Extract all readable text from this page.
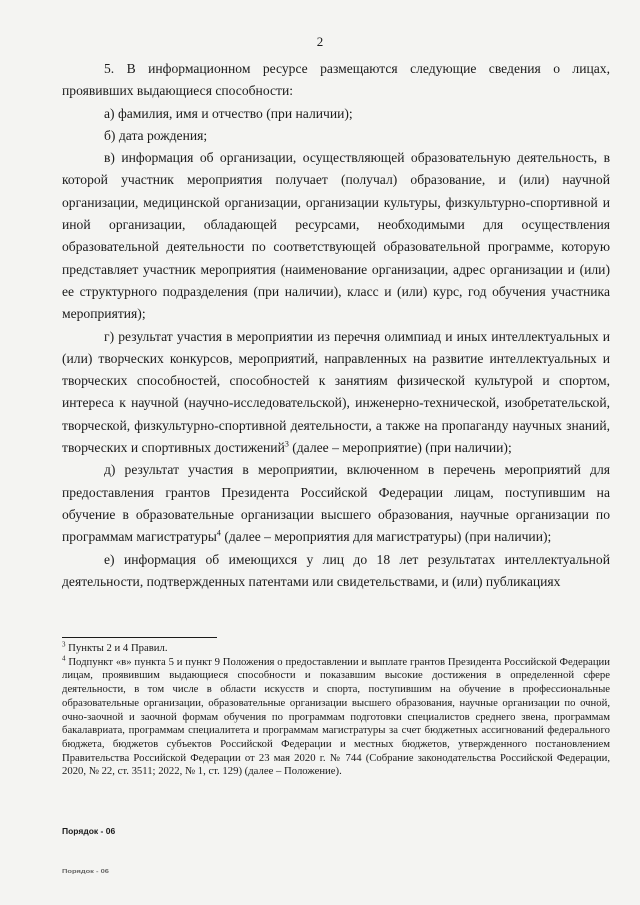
2

5. В информационном ресурсе размещаются следующие сведения о лицах, проявивших выдающиеся способности:

а) фамилия, имя и отчество (при наличии);

б) дата рождения;

в) информация об организации, осуществляющей образовательную деятельность, в которой участник мероприятия получает (получал) образование, и (или) научной организации, медицинской организации, организации культуры, физкультурно-спортивной и иной организации, обладающей ресурсами, необходимыми для осуществления образовательной деятельности по соответствующей образовательной программе, которую представляет участник мероприятия (наименование организации, адрес организации и (или) ее структурного подразделения (при наличии), класс и (или) курс, год обучения участника мероприятия);

г) результат участия в мероприятии из перечня олимпиад и иных интеллектуальных и (или) творческих конкурсов, мероприятий, направленных на развитие интеллектуальных и творческих способностей, способностей к занятиям физической культурой и спортом, интереса к научной (научно-исследовательской), инженерно-технической, изобретательской, творческой, физкультурно-спортивной деятельности, а также на пропаганду научных знаний, творческих и спортивных достижений$^3$ (далее – мероприятие) (при наличии);

д) результат участия в мероприятии, включенном в перечень мероприятий для предоставления грантов Президента Российской Федерации лицам, поступившим на обучение в образовательные организации высшего образования, научные организации по программам магистратуры$^4$ (далее – мероприятия для магистратуры) (при наличии);

е) информация об имеющихся у лиц до 18 лет результатах интеллектуальной деятельности, подтвержденных патентами или свидетельствами, и (или) публикациях

$^3$ Пункты 2 и 4 Правил.

$^4$ Подпункт «в» пункта 5 и пункт 9 Положения о предоставлении и выплате грантов Президента Российской Федерации лицам, проявившим выдающиеся способности и показавшим высокие достижения в определенной сфере деятельности, в том числе в области искусств и спорта, поступившим на обучение в профессиональные образовательные организации, образовательные организации высшего образования, научные организации по очной, очно-заочной и заочной формам обучения по программам подготовки специалистов среднего звена, программам бакалавриата, программам специалитета и программам магистратуры за счет бюджетных ассигнований федерального бюджета, бюджетов субъектов Российской Федерации и местных бюджетов, утвержденного постановлением Правительства Российской Федерации от 23 мая 2020 г. № 744 (Собрание законодательства Российской Федерации, 2020, № 22, ст. 3511; 2022, № 1, ст. 129) (далее – Положение).

Порядок - 06
Порядок - 06
